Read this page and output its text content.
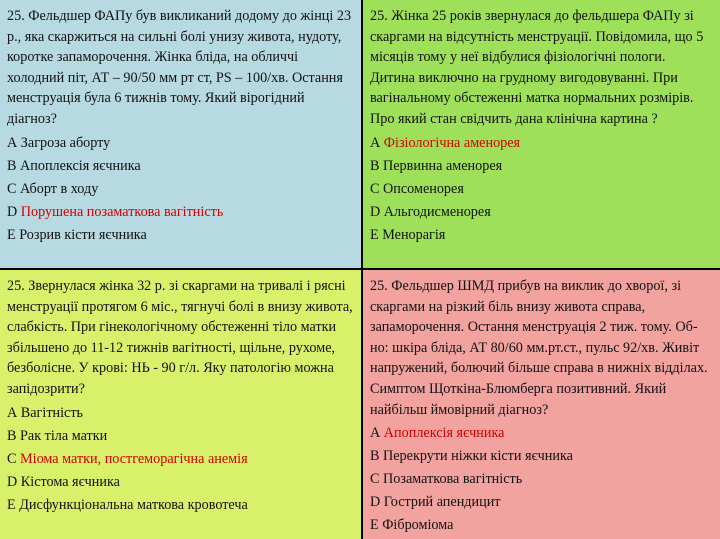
25. Фельдшер ФАПу був викликаний додому до жінці 23 р., яка скаржиться на сильні болі унизу живота, нудоту, коротке запаморочення. Жінка бліда, на обличчі холодний піт, АТ – 90/50 мм рт ст, PS – 100/хв. Остання менструація була 6 тижнів тому. Який вірогідний діагноз?

А Загроза аборту
В Апоплексія яєчника
С Аборт в ходу
D Порушена позаматкова вагітність
Е Розрив кісти яєчника

25. Жінка 25 років звернулася до фельдшера ФАПу зі скаргами на відсутність менструації. Повідомила, що 5 місяців тому у неї відбулися фізіологічні пологи. Дитина виключно на грудному вигодовуванні. При вагінальному обстеженні матка нормальних розмірів. Про який стан свідчить дана клінічна картина ?

А Фізіологічна аменорея
В Первинна аменорея
С Опсоменорея
D Альгодисменорея
Е Менорагія

25. Звернулася жінка 32 р. зі скаргами на тривалі і рясні менструації протягом 6 міс., тягнучі болі в внизу живота, слабкість. При гінекологічному обстеженні тіло матки збільшено до 11-12 тижнів вагітності, щільне, рухоме, безболісне. У крові: НЬ - 90 г/л. Яку патологію можна запідозрити?

А Вагітність
В Рак тіла матки
С Міома матки, постгеморагічна анемія
D Кістома яєчника
Е Дисфункціональна маткова кровотеча

25. Фельдшер ШМД прибув на виклик до хворої, зі скаргами на різкий біль внизу живота справа, запаморочення. Остання менструація 2 тиж. тому. Об-но: шкіра бліда, АТ 80/60 мм.рт.ст., пульс 92/хв. Живіт напружений, болючий більше справа в нижніх відділах. Симптом Щоткіна-Блюмберга позитивний. Який найбільш ймовірний діагноз?

А Апоплексія яєчника
В Перекрути ніжки кісти яєчника
С Позаматкова вагітність
D Гострий апендицит
Е Фіброміома
